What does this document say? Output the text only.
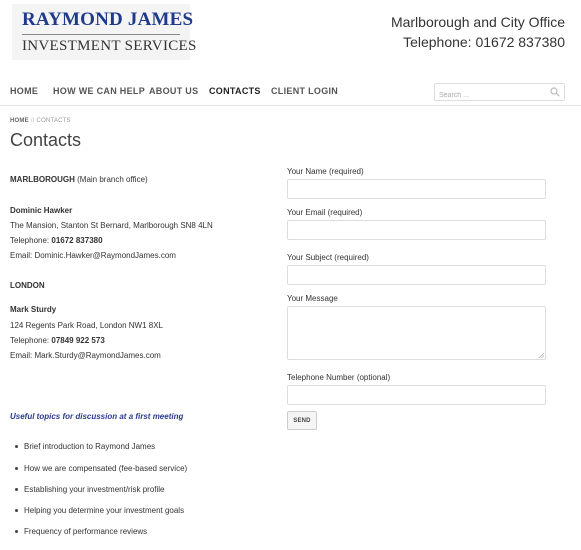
RAYMOND JAMES
INVESTMENT SERVICES
Marlborough and City Office
Telephone: 01672 837380
HOME HOW WE CAN HELP ABOUT US CONTACTS CLIENT LOGIN
Search ...
HOME // CONTACTS
Contacts
MARLBOROUGH (Main branch office)
Dominic Hawker
The Mansion, Stanton St Bernard, Marlborough SN8 4LN
Telephone: 01672 837380
Email: Dominic.Hawker@RaymondJames.com
LONDON
Mark Sturdy
124 Regents Park Road, London NW1 8XL
Telephone: 07849 922 573
Email: Mark.Sturdy@RaymondJames.com
Useful topics for discussion at a first meeting
Brief introduction to Raymond James
How we are compensated (fee-based service)
Establishing your investment/risk profile
Helping you determine your investment goals
Frequency of performance reviews
Your Name (required)
Your Email (required)
Your Subject (required)
Your Message
Telephone Number (optional)
SEND
